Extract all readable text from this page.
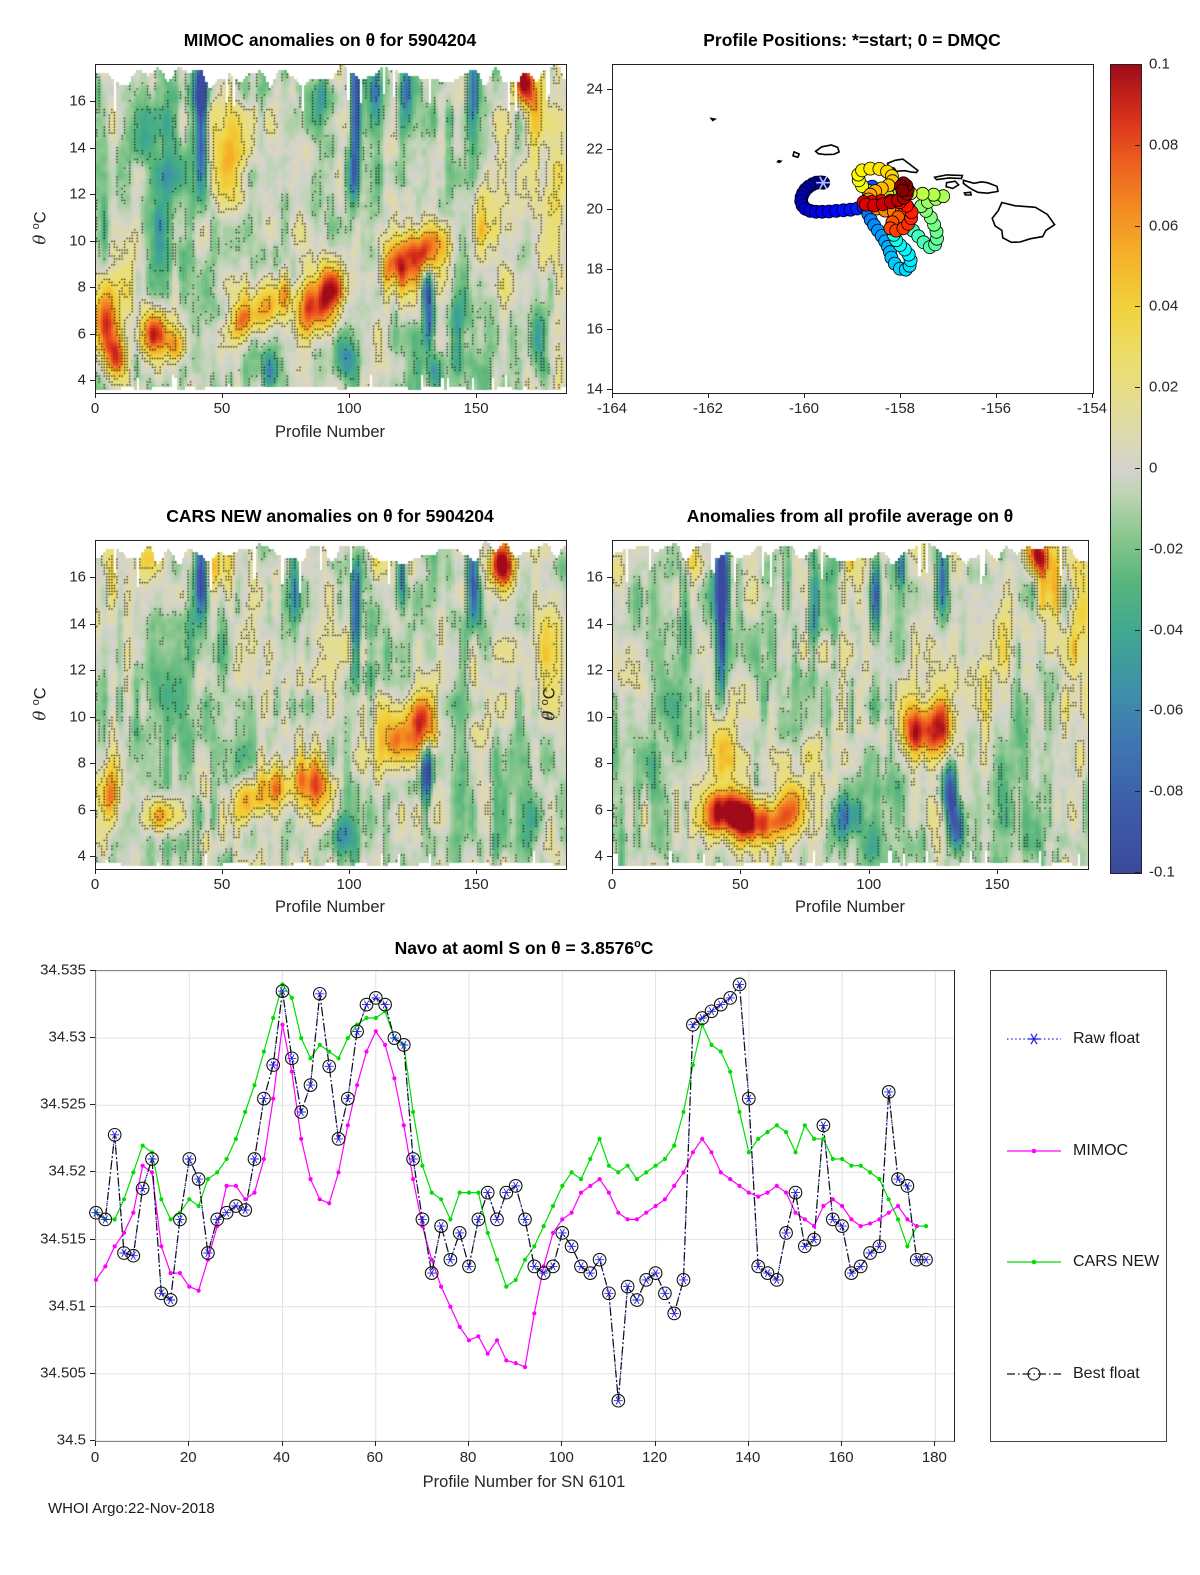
MIMOC anomalies on θ for 5904204	Profile Positions: *=start; 0 = DMQC
CARS NEW anomalies on θ for 5904204	Anomalies from all profile average on θ
Navo at aoml S on $\theta = 3.8576^oC$
Raw float
MIMOC
CARS NEW
Best float
Profile Number
Profile Number	Profile Number
Profile Number for SN 6101
θ $^o$C
θ $^o$C
θ $^o$C
WHOI Argo:22-Nov-2018
0	50	100	150
16
14
12
10
8
6
4
0	50	100	150
16
14
12
10
8
6
4
0	50	100	150
16
14
12
10
8
6
4
-164	-162	-160	-158	-156	-154
24
22
20
18
16
14
0.1
0.08
0.06
0.04
0.02
0
-0.02
-0.04
-0.06
-0.08
-0.1
0	20	40	60	80	100	120	140	160	180
34.535
34.53
34.525
34.52
34.515
34.51
34.505
34.5
